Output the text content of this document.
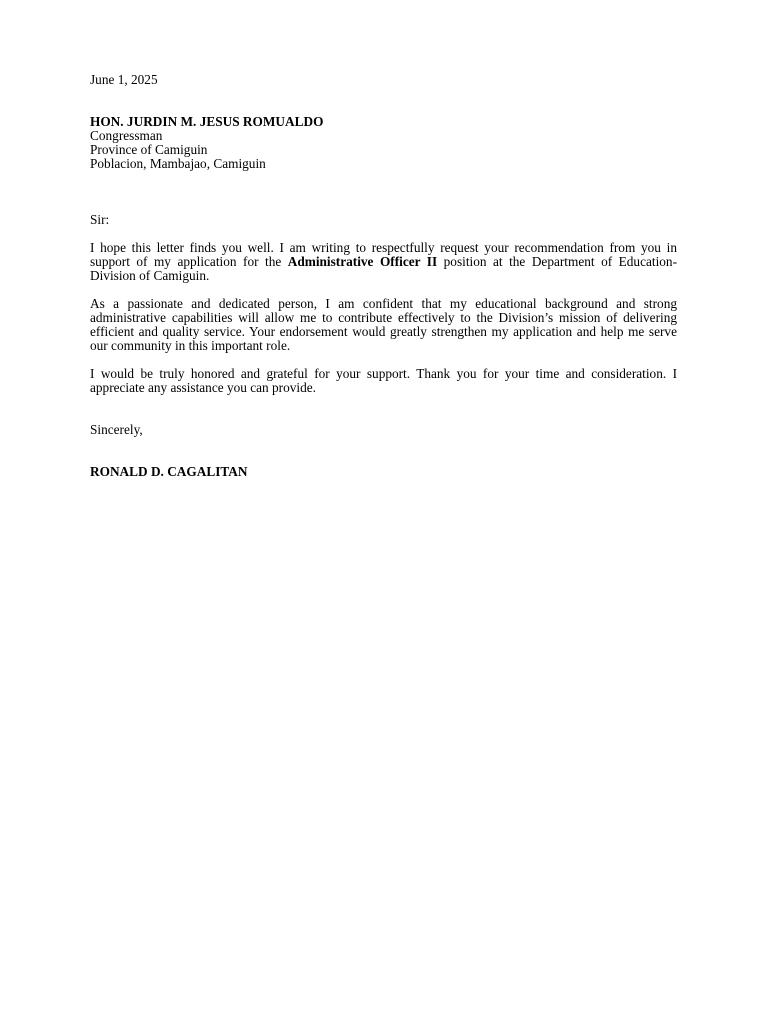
June 1, 2025
HON. JURDIN M. JESUS ROMUALDO
Congressman
Province of Camiguin
Poblacion, Mambajao, Camiguin
Sir:
I hope this letter finds you well. I am writing to respectfully request your recommendation from you in support of my application for the Administrative Officer II position at the Department of Education-Division of Camiguin.
As a passionate and dedicated person, I am confident that my educational background and strong administrative capabilities will allow me to contribute effectively to the Division’s mission of delivering efficient and quality service. Your endorsement would greatly strengthen my application and help me serve our community in this important role.
I would be truly honored and grateful for your support. Thank you for your time and consideration. I appreciate any assistance you can provide.
Sincerely,
RONALD D. CAGALITAN
